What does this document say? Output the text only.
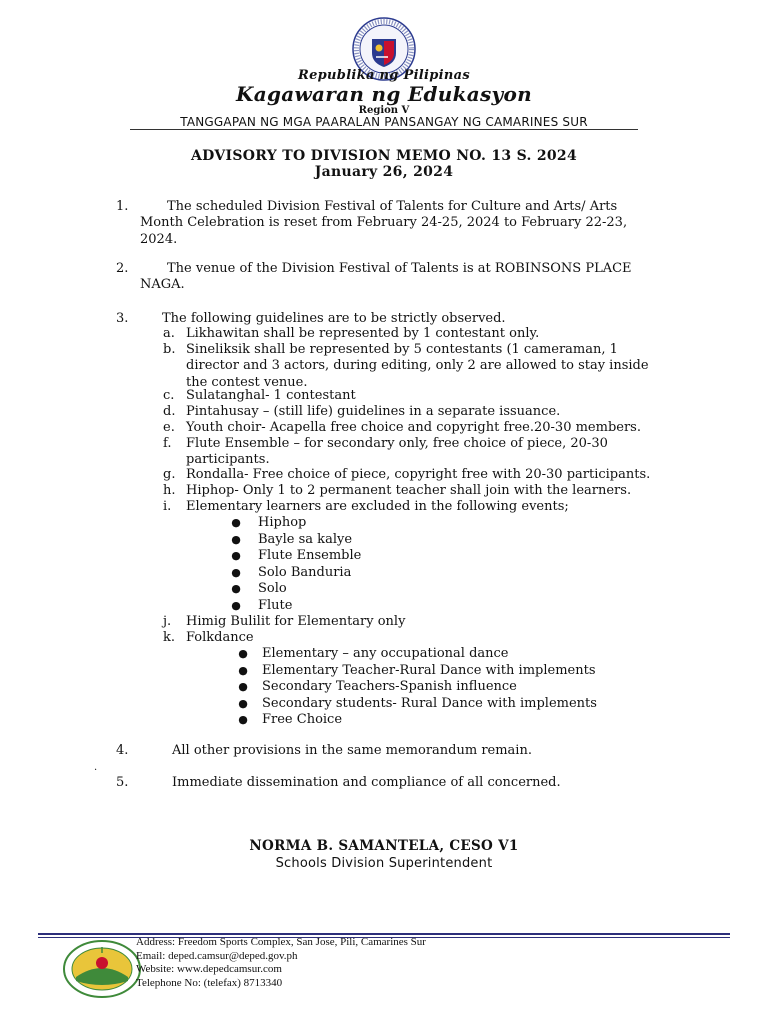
Republika ng Pilipinas
Kagawaran ng Edukasyon
Region V
TANGGAPAN NG MGA PAARALAN PANSANGAY NG CAMARINES SUR
ADVISORY TO DIVISION MEMO NO. 13 S. 2024
January 26, 2024
1.	The scheduled Division Festival of Talents for Culture and Arts/ Arts
Month Celebration is reset from February 24-25, 2024 to February 22-23,
2024.
2.	The venue of the Division Festival of Talents is at ROBINSONS PLACE
NAGA.
3.	The following guidelines are to be strictly observed.
a. Likhawitan shall be represented by 1 contestant only.
b. Sineliksik shall be represented by 5 contestants (1 cameraman, 1
director and 3 actors, during editing, only 2 are allowed to stay inside
the contest venue.
c. Sulatanghal- 1 contestant
d. Pintahusay – (still life) guidelines in a separate issuance.
e. Youth choir- Acapella free choice and copyright free.20-30 members.
f.	Flute Ensemble – for secondary only, free choice of piece, 20-30
participants.
g. Rondalla- Free choice of piece, copyright free with 20-30 participants.
h. Hiphop- Only 1 to 2 permanent teacher shall join with the learners.
i.	Elementary learners are excluded in the following events;
● Hiphop
● Bayle sa kalye
● Flute Ensemble
● Solo Banduria
● Solo
● Flute
j.	Himig Bulilit for Elementary only
k. Folkdance
● Elementary – any occupational dance
● Elementary Teacher-Rural Dance with implements
● Secondary Teachers-Spanish influence
● Secondary students- Rural Dance with implements
● Free Choice
4.	All other provisions in the same memorandum remain.
.
5.	Immediate dissemination and compliance of all concerned.
NORMA B. SAMANTELA, CESO V1
Schools Division Superintendent
Address: Freedom Sports Complex, San Jose, Pili, Camarines Sur
Email: deped.camsur@deped.gov.ph
Website: www.depedcamsur.com
Telephone No: (telefax) 8713340
